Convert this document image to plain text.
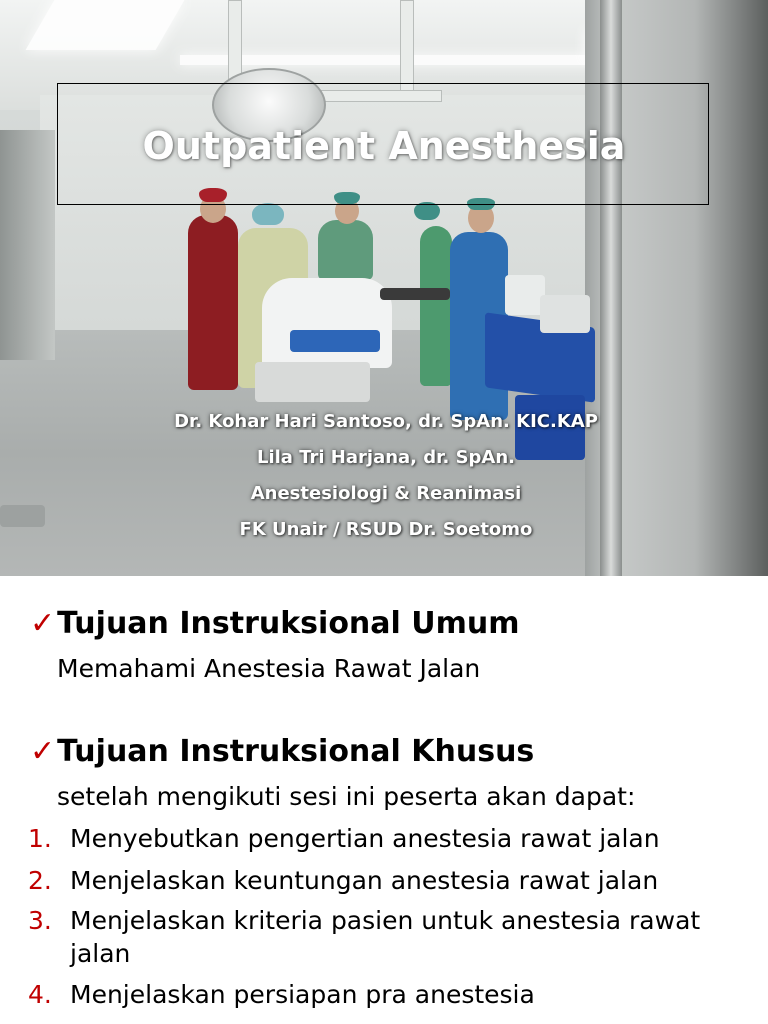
Outpatient Anesthesia
Dr. Kohar Hari Santoso, dr. SpAn. KIC.KAP
Lila Tri Harjana, dr. SpAn.
Anestesiologi & Reanimasi
FK Unair / RSUD Dr. Soetomo
✓Tujuan Instruksional Umum
Memahami Anestesia Rawat Jalan
✓Tujuan Instruksional Khusus
setelah mengikuti sesi ini peserta akan dapat:
1. Menyebutkan pengertian anestesia rawat jalan
2. Menjelaskan keuntungan anestesia rawat jalan
3. Menjelaskan kriteria pasien untuk anestesia rawat jalan
4. Menjelaskan persiapan pra anestesia
